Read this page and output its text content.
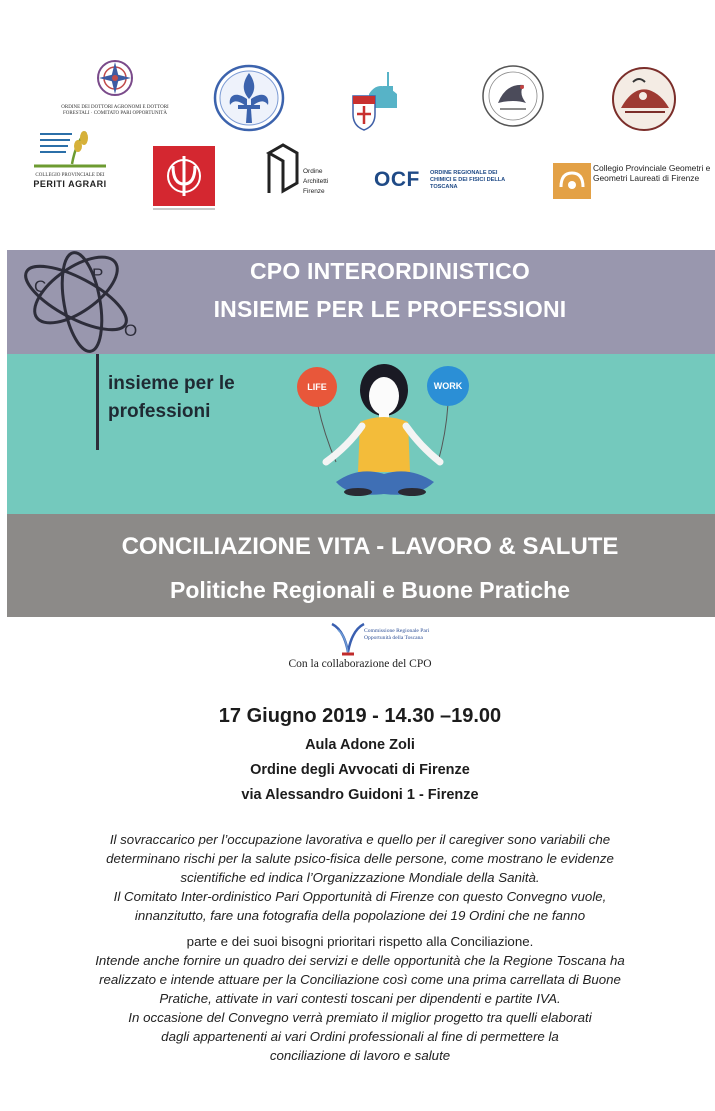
ORDINE DEI DOTTORI AGRONOMI E DOTTORI FORESTALI · COMITATO PARI OPPORTUNITÀ
COLLEGIO PROVINCIALE DEI
PERITI AGRARI
Ordine Architetti Firenze
OCF ORDINE REGIONALE DEI CHIMICI E DEI FISICI DELLA TOSCANA
Collegio Provinciale Geometri e Geometri Laureati di Firenze
C
P
O
CPO INTERORDINISTICO
INSIEME PER LE PROFESSIONI
insieme per le professioni
LIFE	WORK
CONCILIAZIONE VITA - LAVORO & SALUTE
Politiche Regionali e Buone Pratiche
Commissione Regionale Pari Opportunità della Toscana
Con la collaborazione del CPO
17 Giugno 2019 - 14.30 –19.00
Aula Adone Zoli
Ordine degli Avvocati di Firenze
via Alessandro Guidoni 1 - Firenze
Il sovraccarico per l’occupazione lavorativa e quello per il caregiver sono variabili che
determinano rischi per la salute psico-fisica delle persone, come mostrano le evidenze
scientifiche ed indica l’Organizzazione Mondiale della Sanità.
Il Comitato Inter-ordinistico Pari Opportunità di Firenze con questo Convegno vuole,
innanzitutto, fare una fotografia della popolazione dei 19 Ordini che ne fanno
parte e dei suoi bisogni prioritari rispetto alla Conciliazione.
Intende anche fornire un quadro dei servizi e delle opportunità che la Regione Toscana ha
realizzato e intende attuare per la Conciliazione così come una prima carrellata di Buone
Pratiche, attivate in vari contesti toscani per dipendenti e partite IVA.
In occasione del Convegno verrà premiato il miglior progetto tra quelli elaborati
dagli appartenenti ai vari Ordini professionali al fine di permettere la
conciliazione di lavoro e salute
